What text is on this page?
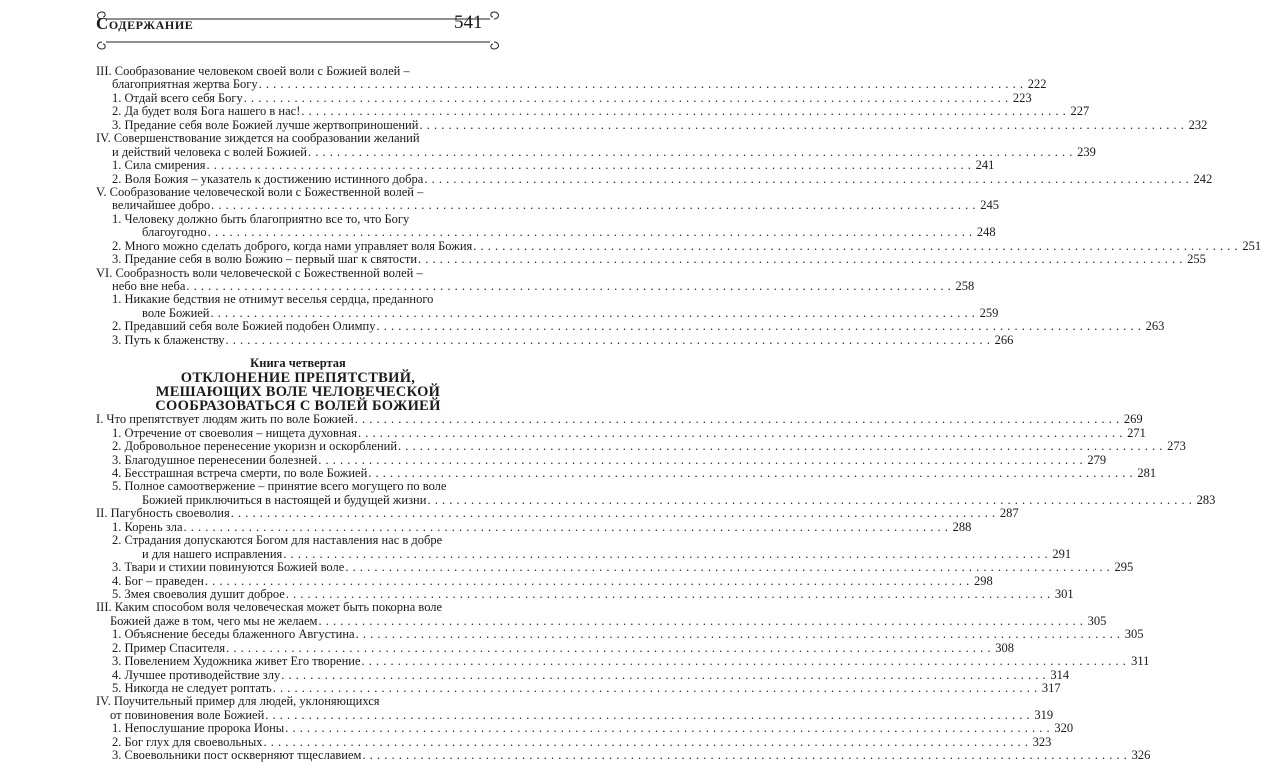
Содержание	541
III. Сообразование человеком своей воли с Божией волей –
благоприятная жертва Богу . . .	222
1. Отдай всего себя Богу . . .	223
2. Да будет воля Бога нашего в нас! . . .	227
3. Предание себя воле Божией лучше жертвоприношений . . .	232
IV. Совершенствование зиждется на сообразовании желаний
и действий человека с волей Божией . . .	239
1. Сила смирения . . .	241
2. Воля Божия – указатель к достижению истинного добра . . .	242
V. Сообразование человеческой воли с Божественной волей –
величайшее добро . . .	245
1. Человеку должно быть благоприятно все то, что Богу
благоугодно . . .	248
2. Много можно сделать доброго, когда нами управляет воля Божия . . .	251
3. Предание себя в волю Божию – первый шаг к святости . . .	255
VI. Сообразность воли человеческой с Божественной волей –
небо вне неба . . .	258
1. Никакие бедствия не отнимут веселья сердца, преданного
воле Божией . . .	259
2. Предавший себя воле Божией подобен Олимпу . . .	263
3. Путь к блаженству . . .	266
Книга четвертая
ОТКЛОНЕНИЕ ПРЕПЯТСТВИЙ,
МЕШАЮЩИХ ВОЛЕ ЧЕЛОВЕЧЕСКОЙ
СООБРАЗОВАТЬСЯ С ВОЛЕЙ БОЖИЕЙ
I. Что препятствует людям жить по воле Божией . . .	269
1. Отречение от своеволия – нищета духовная . . .	271
2. Добровольное перенесение укоризн и оскорблений . . .	273
3. Благодушное перенесении болезней . . .	279
4. Бесстрашная встреча смерти, по воле Божией . . .	281
5. Полное самоотвержение – принятие всего могущего по воле
Божией приключиться в настоящей и будущей жизни . . .	283
II. Пагубность своеволия . . .	287
1. Корень зла . . .	288
2. Страдания допускаются Богом для наставления нас в добре
и для нашего исправления . . .	291
3. Твари и стихии повинуются Божией воле . . .	295
4. Бог – праведен . . .	298
5. Змея своеволия душит доброе . . .	301
III. Каким способом воля человеческая может быть покорна воле
Божией даже в том, чего мы не желаем . . .	305
1. Объяснение беседы блаженного Августина . . .	305
2. Пример Спасителя . . .	308
3. Повелением Художника живет Его творение . . .	311
4. Лучшее противодействие злу . . .	314
5. Никогда не следует роптать . . .	317
IV. Поучительный пример для людей, уклоняющихся
от повиновения воле Божией . . .	319
1. Непослушание пророка Ионы . . .	320
2. Бог глух для своевольных . . .	323
3. Своевольники пост оскверняют тщеславием . . .	326
